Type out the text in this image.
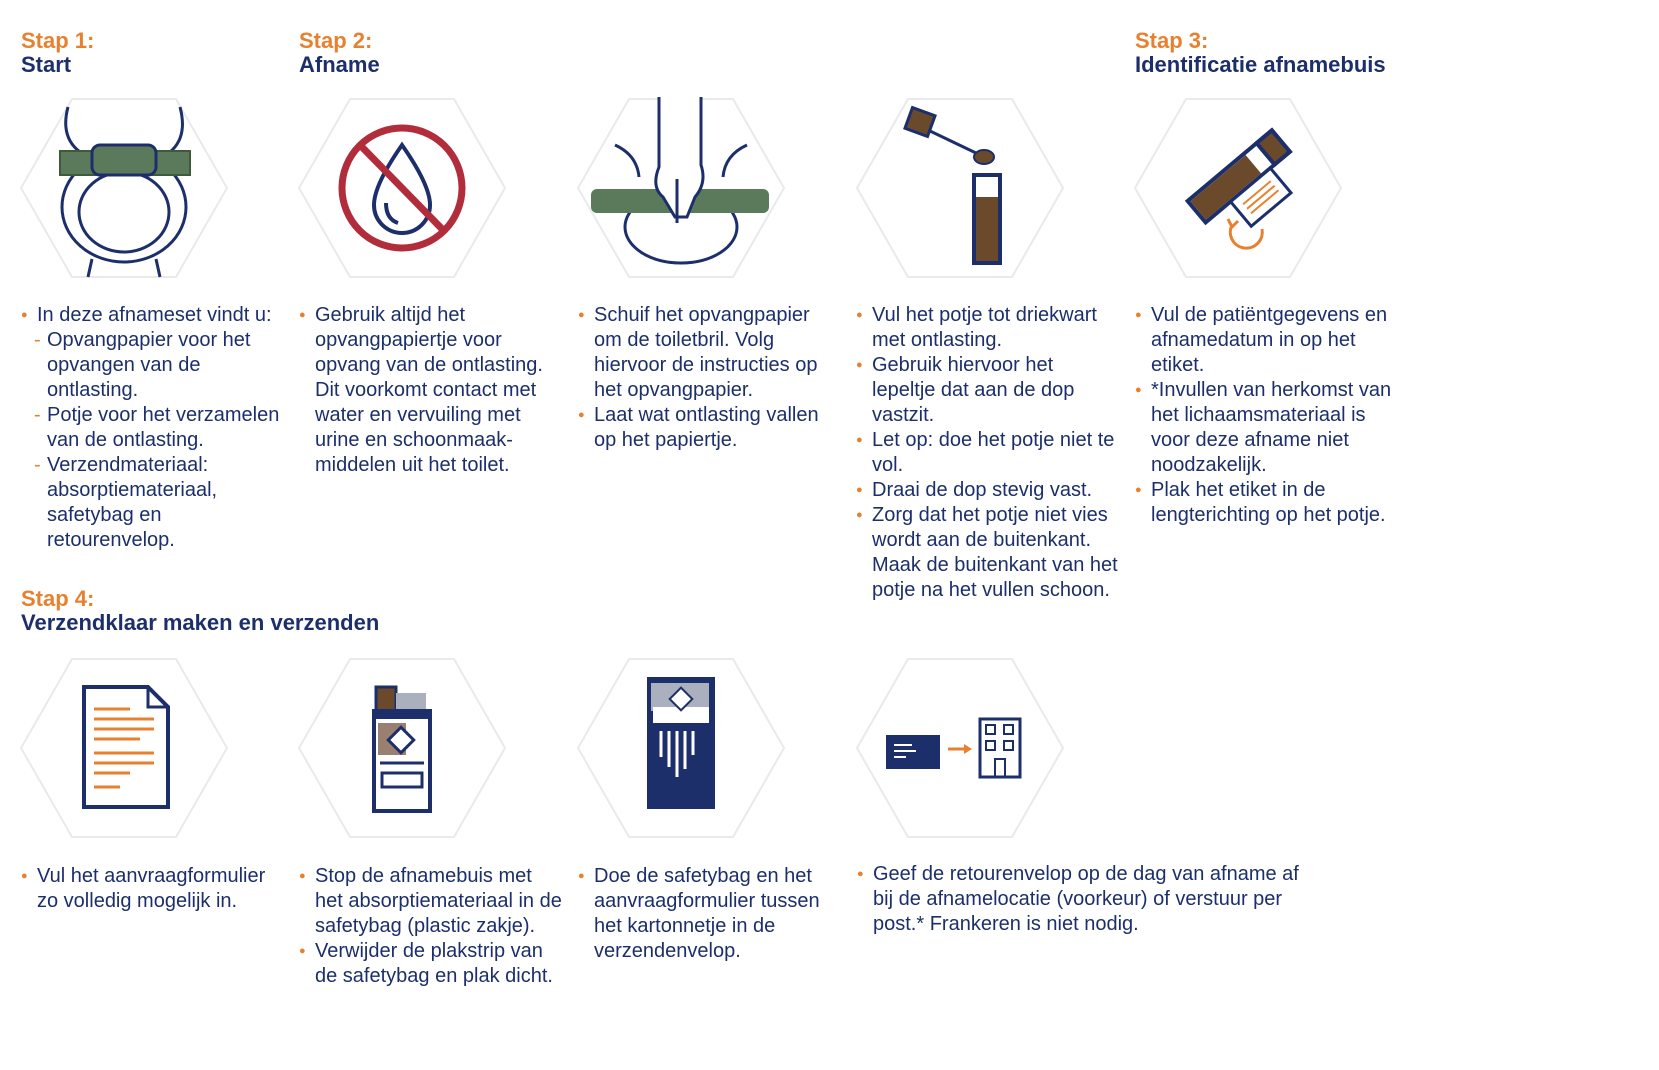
Stap 1:
Start
Stap 2:
Afname
Stap 3:
Identificatie afnamebuis
Stap 4:
Verzendklaar maken en verzenden
● In deze afnameset vindt u:
- Opvangpapier voor het opvangen van de ontlasting.
- Potje voor het verzamelen van de ontlasting.
- Verzendmateriaal: absorptiemateriaal, safetybag en retourenvelop.
● Gebruik altijd het opvangpapiertje voor opvang van de ontlasting. Dit voorkomt contact met water en vervuiling met urine en schoonmaak-middelen uit het toilet.
● Schuif het opvangpapier om de toiletbril. Volg hiervoor de instructies op het opvangpapier.
● Laat wat ontlasting vallen op het papiertje.
● Vul het potje tot driekwart met ontlasting.
● Gebruik hiervoor het lepeltje dat aan de dop vastzit.
● Let op: doe het potje niet te vol.
● Draai de dop stevig vast.
● Zorg dat het potje niet vies wordt aan de buitenkant. Maak de buitenkant van het potje na het vullen schoon.
● Vul de patiëntgegevens en afnamedatum in op het etiket.
● *Invullen van herkomst van het lichaamsmateriaal is voor deze afname niet noodzakelijk.
● Plak het etiket in de lengterichting op het potje.
● Vul het aanvraagformulier zo volledig mogelijk in.
● Stop de afnamebuis met het absorptiemateriaal in de safetybag (plastic zakje).
● Verwijder de plakstrip van de safetybag en plak dicht.
● Doe de safetybag en het aanvraagformulier tussen het kartonnetje in de verzendenvelop.
● Geef de retourenvelop op de dag van afname af bij de afnamelocatie (voorkeur) of verstuur per post.* Frankeren is niet nodig.
